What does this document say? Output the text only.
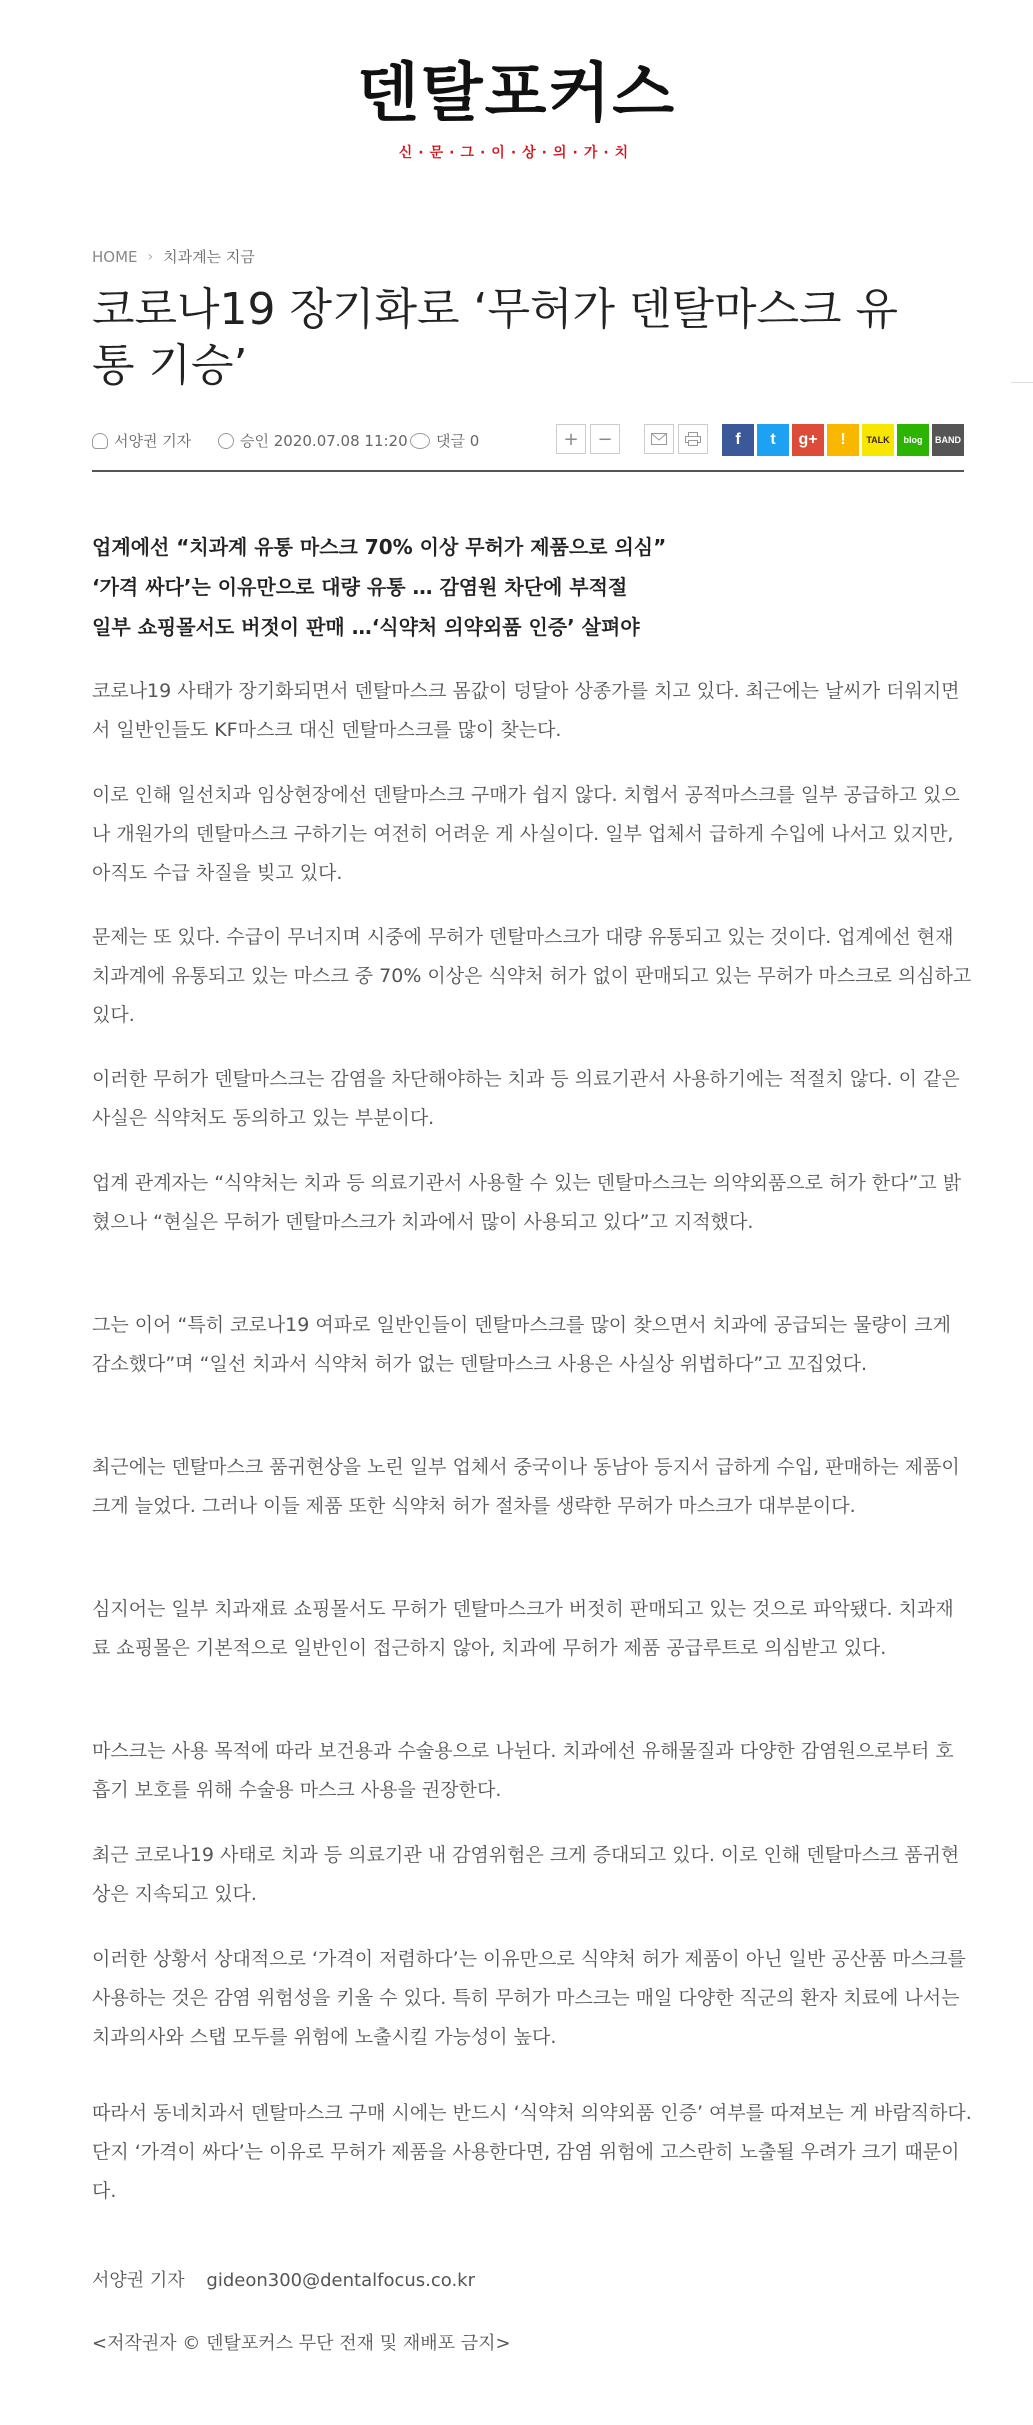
덴탈포커스
신·문·그·이·상·의·가·치
HOME › 치과계는 지금
코로나19 장기화로 ‘무허가 덴탈마스크 유통 기승’
서양권 기자	승인 2020.07.08 11:20 댓글 0	+	−	f	t	g+	!	TALK	blog	BAND

업계에선 “치과계 유통 마스크 70% 이상 무허가 제품으로 의심”

‘가격 싸다’는 이유만으로 대량 유통 … 감염원 차단에 부적절

일부 쇼핑몰서도 버젓이 판매 …‘식약처 의약외품 인증’ 살펴야

코로나19 사태가 장기화되면서 덴탈마스크 몸값이 덩달아 상종가를 치고 있다. 최근에는 날씨가 더워지면서 일반인들도 KF마스크 대신 덴탈마스크를 많이 찾는다.

이로 인해 일선치과 임상현장에선 덴탈마스크 구매가 쉽지 않다. 치협서 공적마스크를 일부 공급하고 있으나 개원가의 덴탈마스크 구하기는 여전히 어려운 게 사실이다. 일부 업체서 급하게 수입에 나서고 있지만, 아직도 수급 차질을 빚고 있다.

문제는 또 있다. 수급이 무너지며 시중에 무허가 덴탈마스크가 대량 유통되고 있는 것이다. 업계에선 현재 치과계에 유통되고 있는 마스크 중 70% 이상은 식약처 허가 없이 판매되고 있는 무허가 마스크로 의심하고 있다.

이러한 무허가 덴탈마스크는 감염을 차단해야하는 치과 등 의료기관서 사용하기에는 적절치 않다. 이 같은 사실은 식약처도 동의하고 있는 부분이다.

업계 관계자는 “식약처는 치과 등 의료기관서 사용할 수 있는 덴탈마스크는 의약외품으로 허가 한다”고 밝혔으나 “현실은 무허가 덴탈마스크가 치과에서 많이 사용되고 있다”고 지적했다.

그는 이어 “특히 코로나19 여파로 일반인들이 덴탈마스크를 많이 찾으면서 치과에 공급되는 물량이 크게 감소했다”며 “일선 치과서 식약처 허가 없는 덴탈마스크 사용은 사실상 위법하다”고 꼬집었다.

최근에는 덴탈마스크 품귀현상을 노린 일부 업체서 중국이나 동남아 등지서 급하게 수입, 판매하는 제품이 크게 늘었다. 그러나 이들 제품 또한 식약처 허가 절차를 생략한 무허가 마스크가 대부분이다.

심지어는 일부 치과재료 쇼핑몰서도 무허가 덴탈마스크가 버젓히 판매되고 있는 것으로 파악됐다. 치과재료 쇼핑몰은 기본적으로 일반인이 접근하지 않아, 치과에 무허가 제품 공급루트로 의심받고 있다.

마스크는 사용 목적에 따라 보건용과 수술용으로 나뉜다. 치과에선 유해물질과 다양한 감염원으로부터 호흡기 보호를 위해 수술용 마스크 사용을 권장한다.

최근 코로나19 사태로 치과 등 의료기관 내 감염위험은 크게 증대되고 있다. 이로 인해 덴탈마스크 품귀현상은 지속되고 있다.

이러한 상황서 상대적으로 ‘가격이 저렴하다’는 이유만으로 식약처 허가 제품이 아닌 일반 공산품 마스크를 사용하는 것은 감염 위험성을 키울 수 있다. 특히 무허가 마스크는 매일 다양한 직군의 환자 치료에 나서는 치과의사와 스탭 모두를 위험에 노출시킬 가능성이 높다.

따라서 동네치과서 덴탈마스크 구매 시에는 반드시 ‘식약처 의약외품 인증’ 여부를 따져보는 게 바람직하다. 단지 ‘가격이 싸다’는 이유로 무허가 제품을 사용한다면, 감염 위험에 고스란히 노출될 우려가 크기 때문이다.

서양권 기자 gideon300@dentalfocus.co.kr
<저작권자 © 덴탈포커스 무단 전재 및 재배포 금지>
